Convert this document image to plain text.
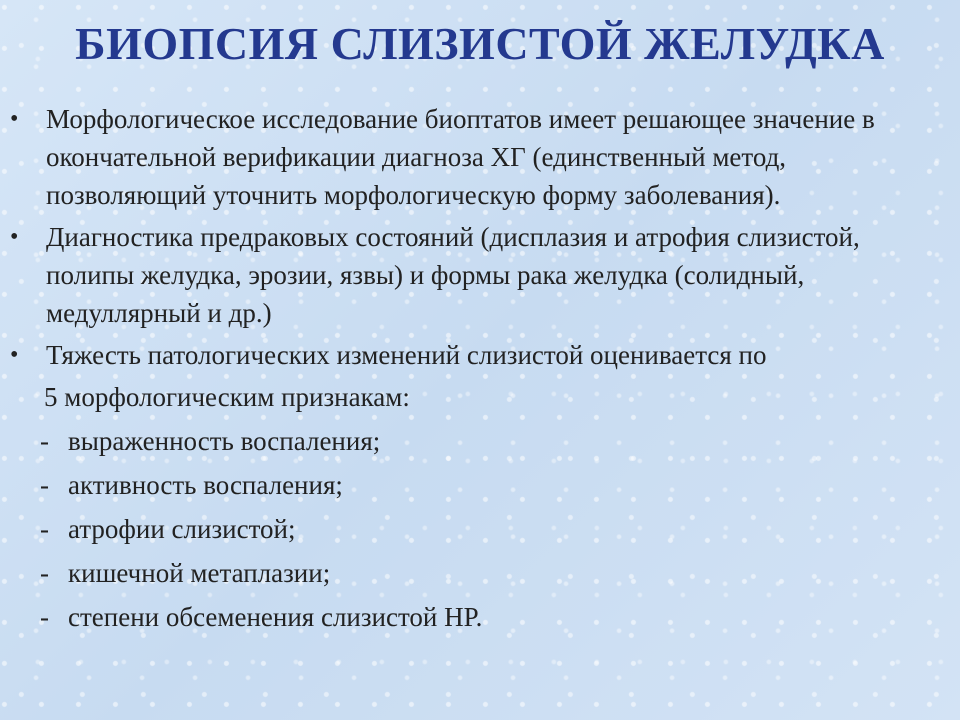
БИОПСИЯ СЛИЗИСТОЙ ЖЕЛУДКА
• Морфологическое исследование биоптатов имеет решающее значение в окончательной верификации диагноза ХГ (единственный метод, позволяющий уточнить морфологическую форму заболевания).
• Диагностика предраковых состояний (дисплазия и атрофия слизистой, полипы желудка, эрозии, язвы) и формы рака желудка (солидный, медуллярный и др.)
• Тяжесть патологических изменений слизистой оценивается по
5 морфологическим признакам:
- выраженность воспаления;
- активность воспаления;
- атрофии слизистой;
- кишечной метаплазии;
- степени обсеменения слизистой HP.
